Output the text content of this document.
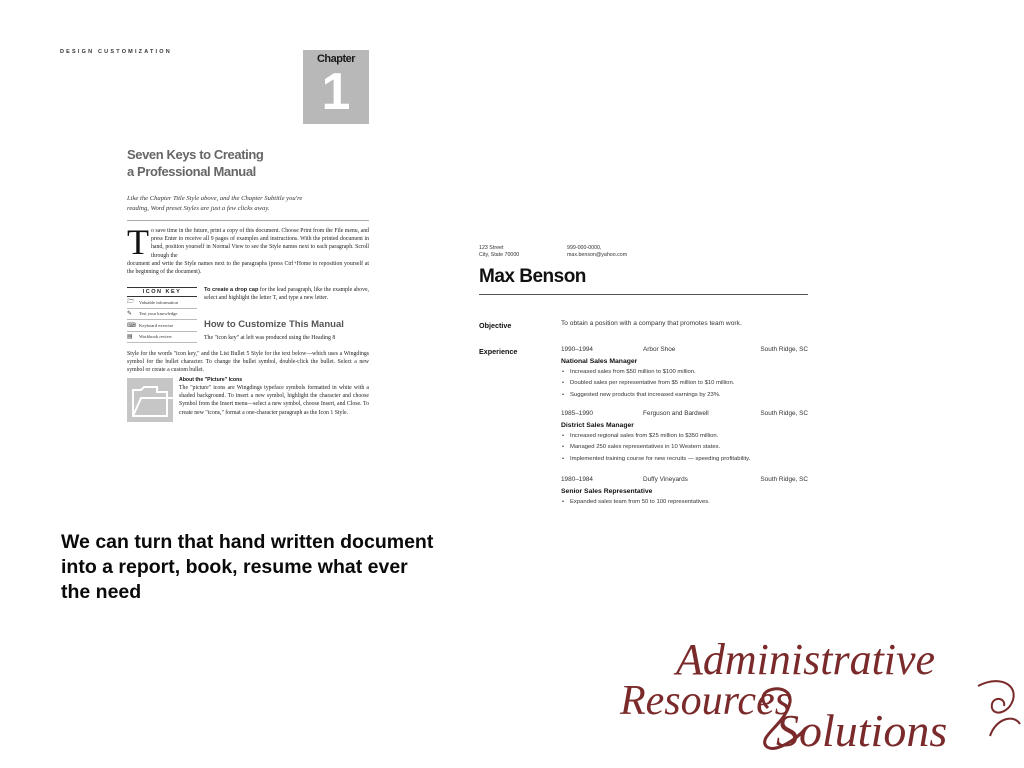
DESIGN CUSTOMIZATION
Chapter
1
Seven Keys to Creating
a Professional Manual
Like the Chapter Title Style above, and the Chapter Subtitle you're reading, Word preset Styles are just a few clicks away.
T o save time in the future, print a copy of this document. Choose Print from the File menu, and press Enter to receive all 9 pages of examples and instructions. With the printed document in hand, position yourself in Normal View to see the Style names next to each paragraph. Scroll through the
document and write the Style names next to the paragraphs (press Ctrl+Home to reposition yourself at the beginning of the document).
ICON KEY
🗁 Valuable information
✎	Test your knowledge
⌨ Keyboard exercise
▤	Workbook review
To create a drop cap for the lead paragraph, like the example above, select and highlight the letter T, and type a new letter.
How to Customize This Manual
The "icon key" at left was produced using the Heading 8
Style for the words "icon key," and the List Bullet 5 Style for the text below—which uses a Wingdings symbol for the bullet character. To change the bullet symbol, double-click the bullet. Select a new symbol or create a custom bullet.
About the "Picture" Icons
The "picture" icons are Wingdings typeface symbols formatted in white with a shaded background. To insert a new symbol, highlight the character and choose Symbol from the Insert menu—select a new symbol, choose Insert, and Close. To create new "icons," format a one-character paragraph as the Icon 1 Style.
123 Street
City, State 70000
999-000-0000,
max.benson@yahoo.com
Max Benson
Objective	To obtain a position with a company that promotes team work.
Experience	1990–1994	Arbor Shoe	South Ridge, SC
National Sales Manager
• Increased sales from $50 million to $100 million.
• Doubled sales per representative from $5 million to $10 million.
• Suggested new products that increased earnings by 23%.
1985–1990	Ferguson and Bardwell	South Ridge, SC
District Sales Manager
• Increased regional sales from $25 million to $350 million.
• Managed 250 sales representatives in 10 Western states.
• Implemented training course for new recruits — speeding profitability.
1980–1984	Duffy Vineyards	South Ridge, SC
Senior Sales Representative
• Expanded sales team from 50 to 100 representatives.
We can turn that hand written document into a report, book, resume what ever the need
Administrative
Resources
Solutions
